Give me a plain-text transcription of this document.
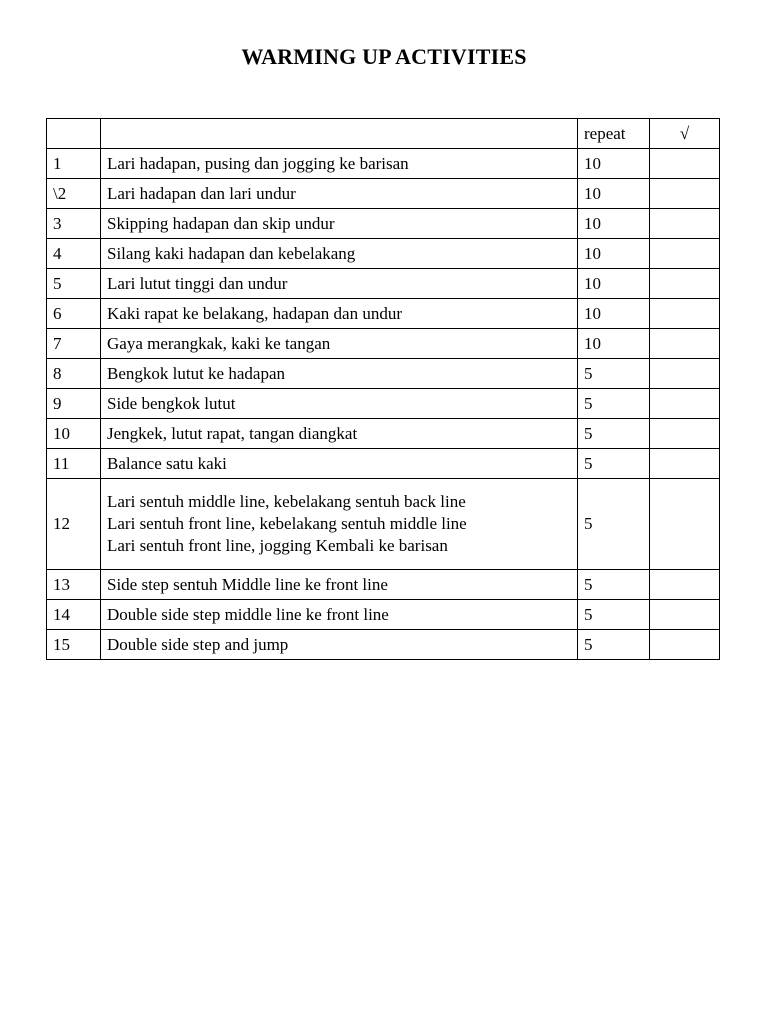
WARMING UP ACTIVITIES
		repeat	√
1	Lari hadapan, pusing dan jogging ke barisan	10	
\2	Lari hadapan dan lari undur	10	
3	Skipping hadapan dan skip undur	10	
4	Silang kaki hadapan dan kebelakang	10	
5	Lari lutut tinggi dan undur	10	
6	Kaki rapat ke belakang, hadapan dan undur	10	
7	Gaya merangkak, kaki ke tangan	10	
8	Bengkok lutut ke hadapan	5	
9	Side bengkok lutut	5	
10	Jengkek, lutut rapat, tangan diangkat	5	
11	Balance satu kaki	5	
12	Lari sentuh middle line, kebelakang sentuh back line
Lari sentuh front line, kebelakang sentuh middle line
Lari sentuh front line, jogging Kembali ke barisan	5	
13	Side step sentuh Middle line ke front line	5	
14	Double side step middle line ke front line	5	
15	Double side step and jump	5	
